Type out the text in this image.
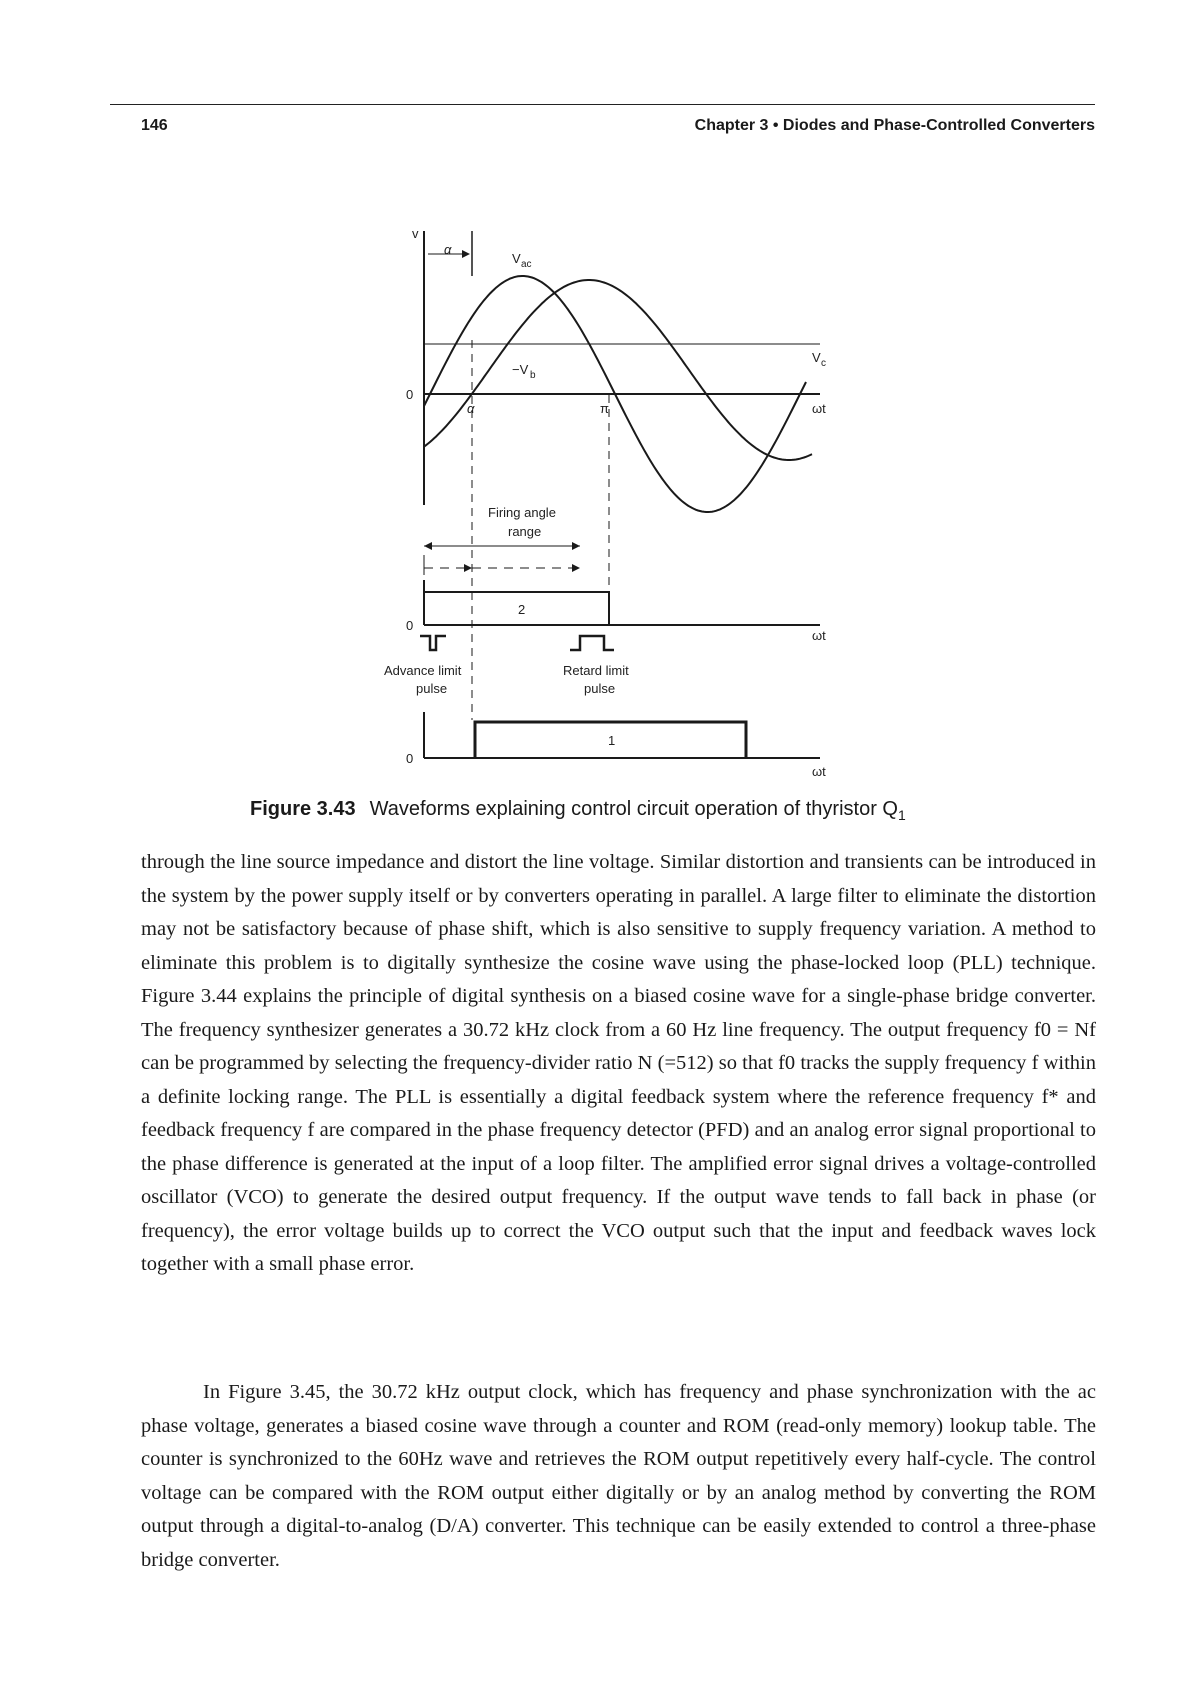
146	Chapter 3 • Diodes and Phase-Controlled Converters
v
α
V ac
−V b
V c
0
α	π	ωt
Firing angle
range
2
0
ωt
Advance limit
pulse
Retard limit
pulse
1
0
ωt
Figure 3.43 Waveforms explaining control circuit operation of thyristor $Q_1$

through the line source impedance and distort the line voltage. Similar distortion and transients can be introduced in the system by the power supply itself or by converters operating in parallel. A large filter to eliminate the distortion may not be satisfactory because of phase shift, which is also sensitive to supply frequency variation. A method to eliminate this problem is to digitally synthesize the cosine wave using the phase-locked loop (PLL) technique. Figure 3.44 explains the principle of digital synthesis on a biased cosine wave for a single-phase bridge converter. The frequency synthesizer generates a 30.72 kHz clock from a 60 Hz line frequency. The output frequency f0 = Nf can be programmed by selecting the frequency-divider ratio N (=512) so that f0 tracks the supply frequency f within a definite locking range. The PLL is essentially a digital feedback system where the reference frequency f* and feedback frequency f are compared in the phase frequency detector (PFD) and an analog error signal proportional to the phase difference is generated at the input of a loop filter. The amplified error signal drives a voltage-controlled oscillator (VCO) to generate the desired output frequency. If the output wave tends to fall back in phase (or frequency), the error voltage builds up to correct the VCO output such that the input and feedback waves lock together with a small phase error.

In Figure 3.45, the 30.72 kHz output clock, which has frequency and phase synchronization with the ac phase voltage, generates a biased cosine wave through a counter and ROM (read-only memory) lookup table. The counter is synchronized to the 60Hz wave and retrieves the ROM output repetitively every half-cycle. The control voltage can be compared with the ROM output either digitally or by an analog method by converting the ROM output through a digital-to-analog (D/A) converter. This technique can be easily extended to control a three-phase bridge converter.
